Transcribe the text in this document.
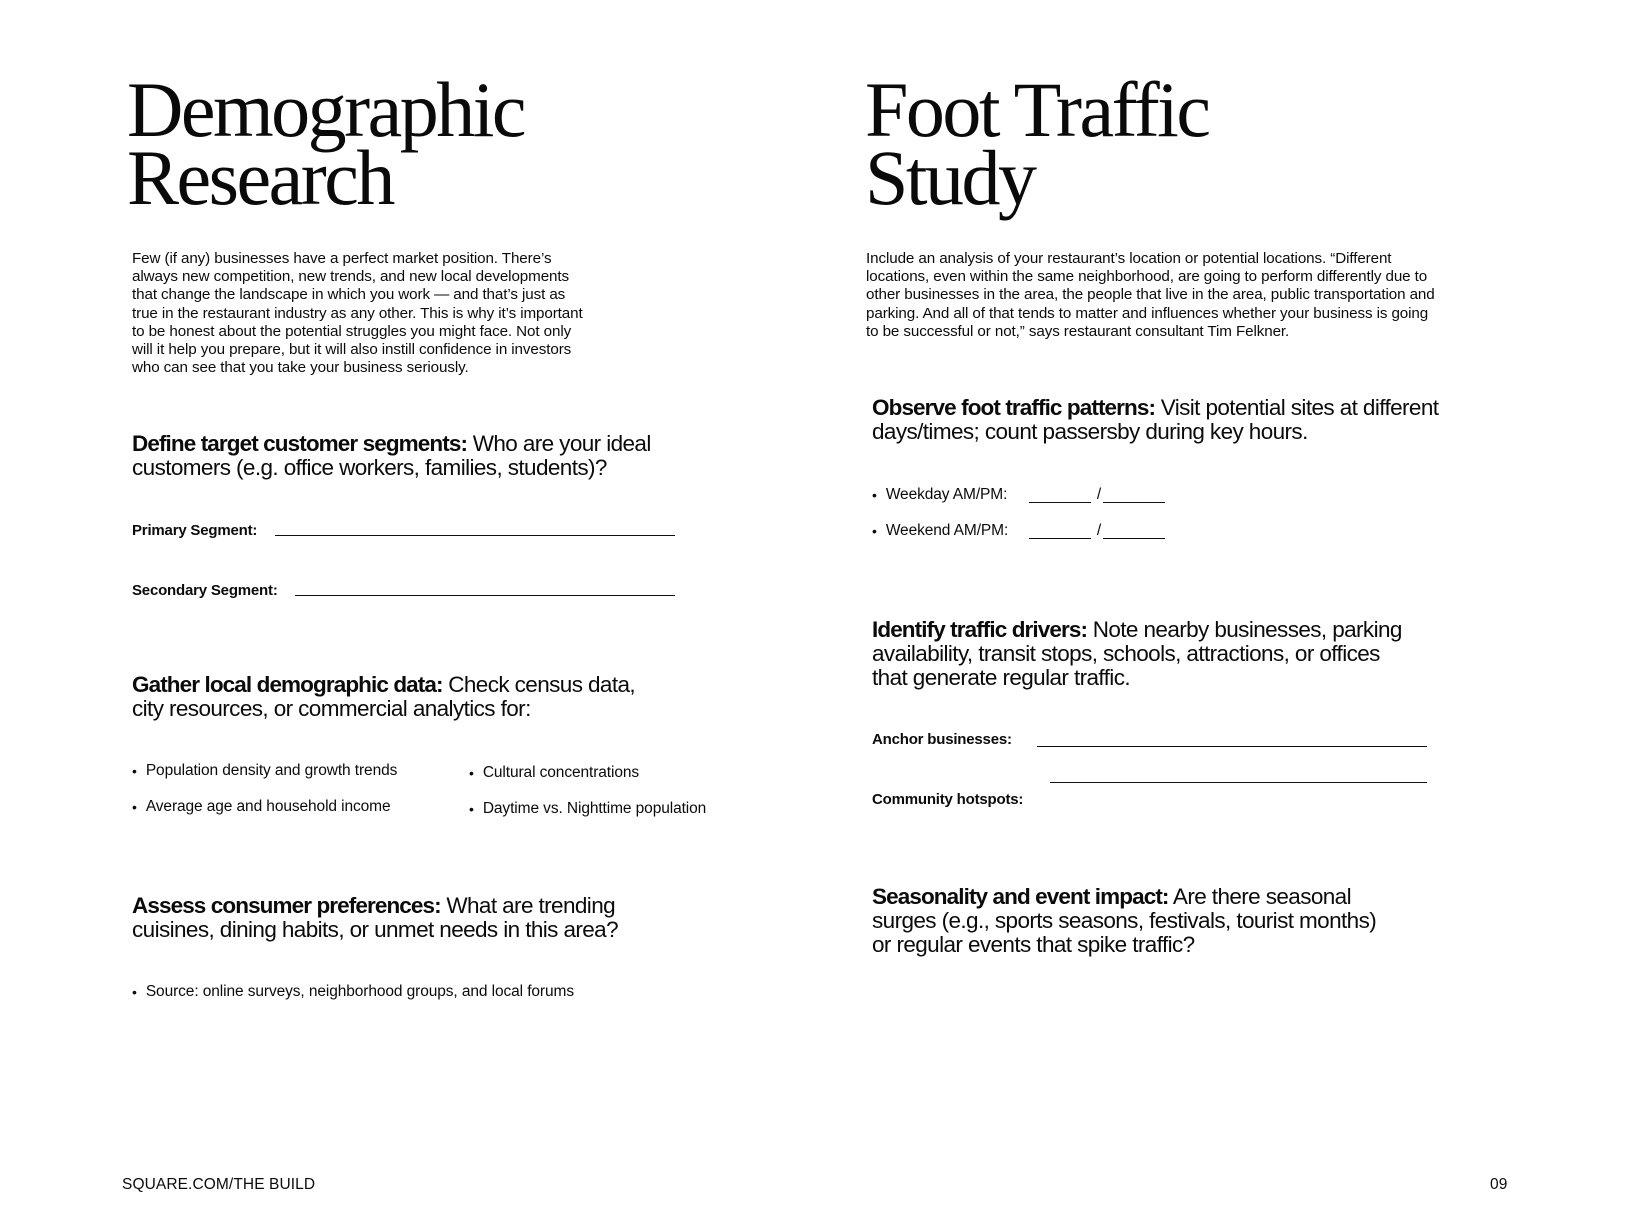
Demographic
Research

Few (if any) businesses have a perfect market position. There’s
always new competition, new trends, and new local developments
that change the landscape in which you work — and that’s just as
true in the restaurant industry as any other. This is why it’s important
to be honest about the potential struggles you might face. Not only
will it help you prepare, but it will also instill confidence in investors
who can see that you take your business seriously.

Define target customer segments: Who are your ideal
customers (e.g. office workers, families, students)?
Primary Segment:
Secondary Segment:
Gather local demographic data: Check census data,
city resources, or commercial analytics for:
• Population density and growth trends
• Average age and household income
• Cultural concentrations
• Daytime vs. Nighttime population
Assess consumer preferences: What are trending
cuisines, dining habits, or unmet needs in this area?
• Source: online surveys, neighborhood groups, and local forums
Foot Traffic
Study

Include an analysis of your restaurant’s location or potential locations. “Different
locations, even within the same neighborhood, are going to perform differently due to
other businesses in the area, the people that live in the area, public transportation and
parking. And all of that tends to matter and influences whether your business is going
to be successful or not,” says restaurant consultant Tim Felkner.

Observe foot traffic patterns: Visit potential sites at different
days/times; count passersby during key hours.
• Weekday AM/PM:	/
• Weekend AM/PM:	/
Identify traffic drivers: Note nearby businesses, parking
availability, transit stops, schools, attractions, or offices
that generate regular traffic.
Anchor businesses:
Community hotspots:
Seasonality and event impact: Are there seasonal
surges (e.g., sports seasons, festivals, tourist months)
or regular events that spike traffic?
SQUARE.COM/THE BUILD	09
